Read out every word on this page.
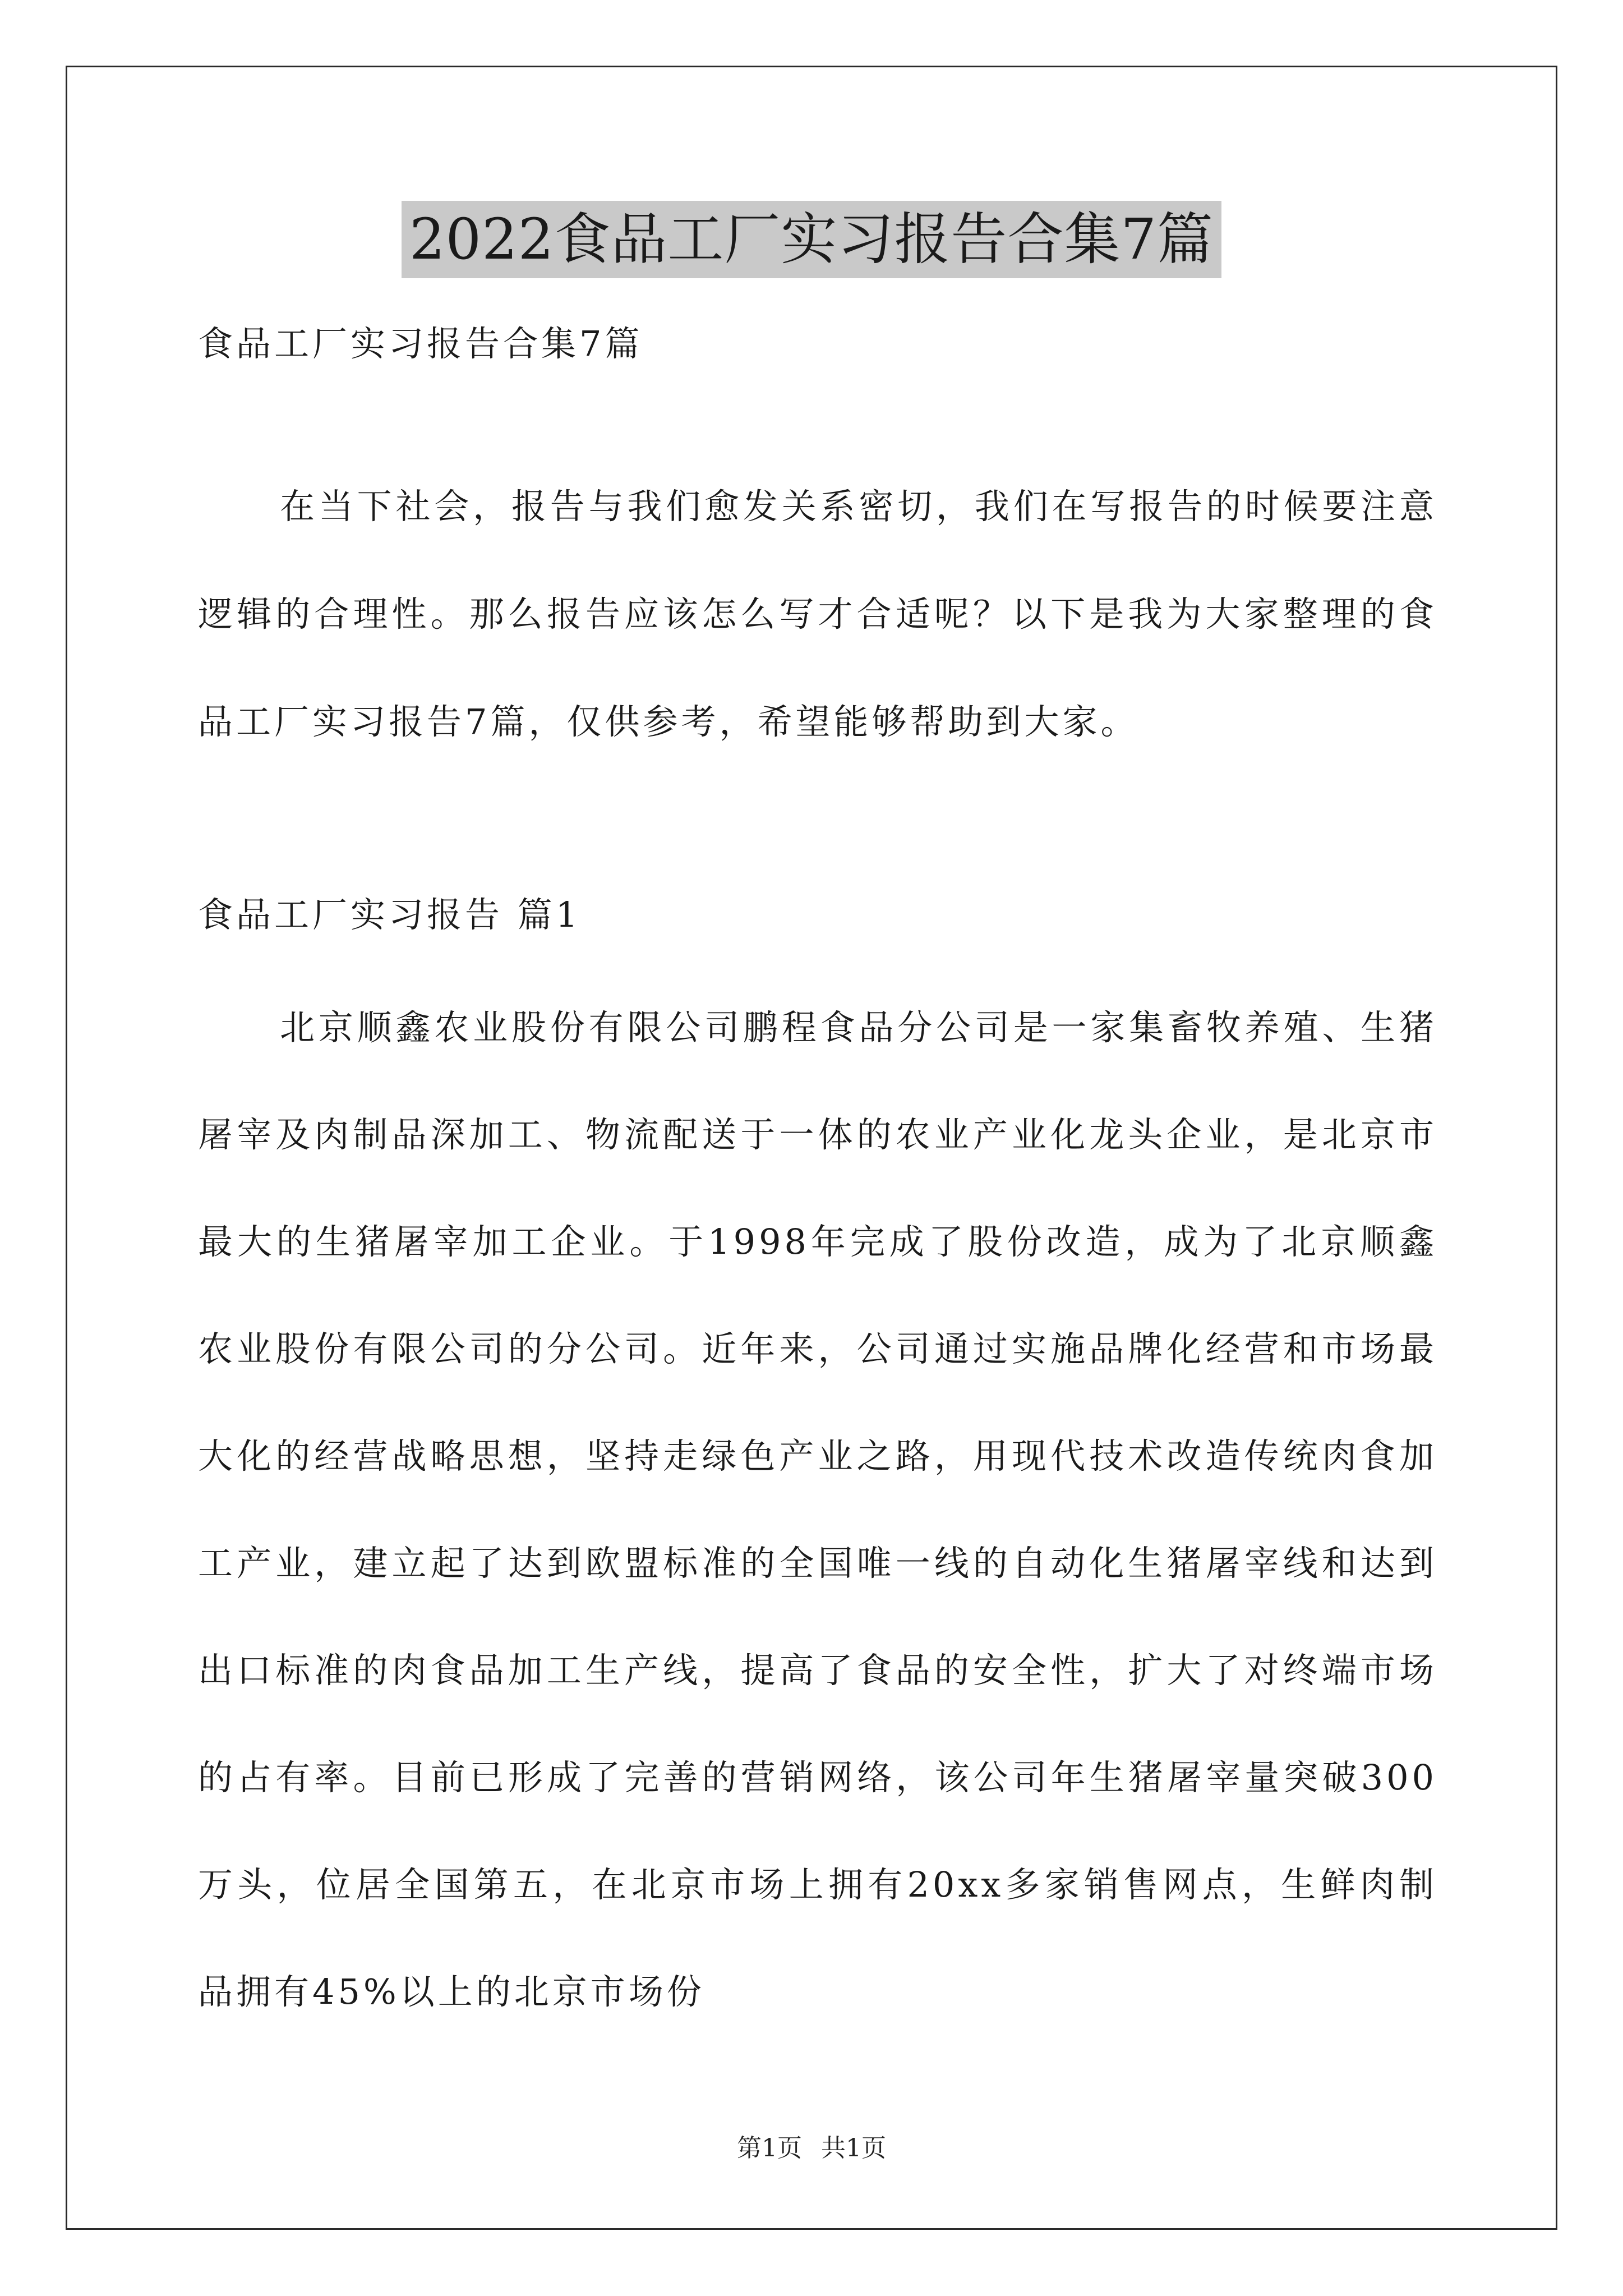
2022食品工厂实习报告合集7篇
食品工厂实习报告合集7篇
在当下社会，报告与我们愈发关系密切，我们在写报告的时候要注意逻辑的合理性。那么报告应该怎么写才合适呢？以下是我为大家整理的食品工厂实习报告7篇，仅供参考，希望能够帮助到大家。
食品工厂实习报告 篇1
北京顺鑫农业股份有限公司鹏程食品分公司是一家集畜牧养殖、生猪屠宰及肉制品深加工、物流配送于一体的农业产业化龙头企业，是北京市最大的生猪屠宰加工企业。于1998年完成了股份改造，成为了北京顺鑫农业股份有限公司的分公司。近年来，公司通过实施品牌化经营和市场最大化的经营战略思想，坚持走绿色产业之路，用现代技术改造传统肉食加工产业，建立起了达到欧盟标准的全国唯一线的自动化生猪屠宰线和达到出口标准的肉食品加工生产线，提高了食品的安全性，扩大了对终端市场的占有率。目前已形成了完善的营销网络，该公司年生猪屠宰量突破300万头，位居全国第五，在北京市场上拥有20xx多家销售网点，生鲜肉制品拥有45%以上的北京市场份
第1页 共1页
